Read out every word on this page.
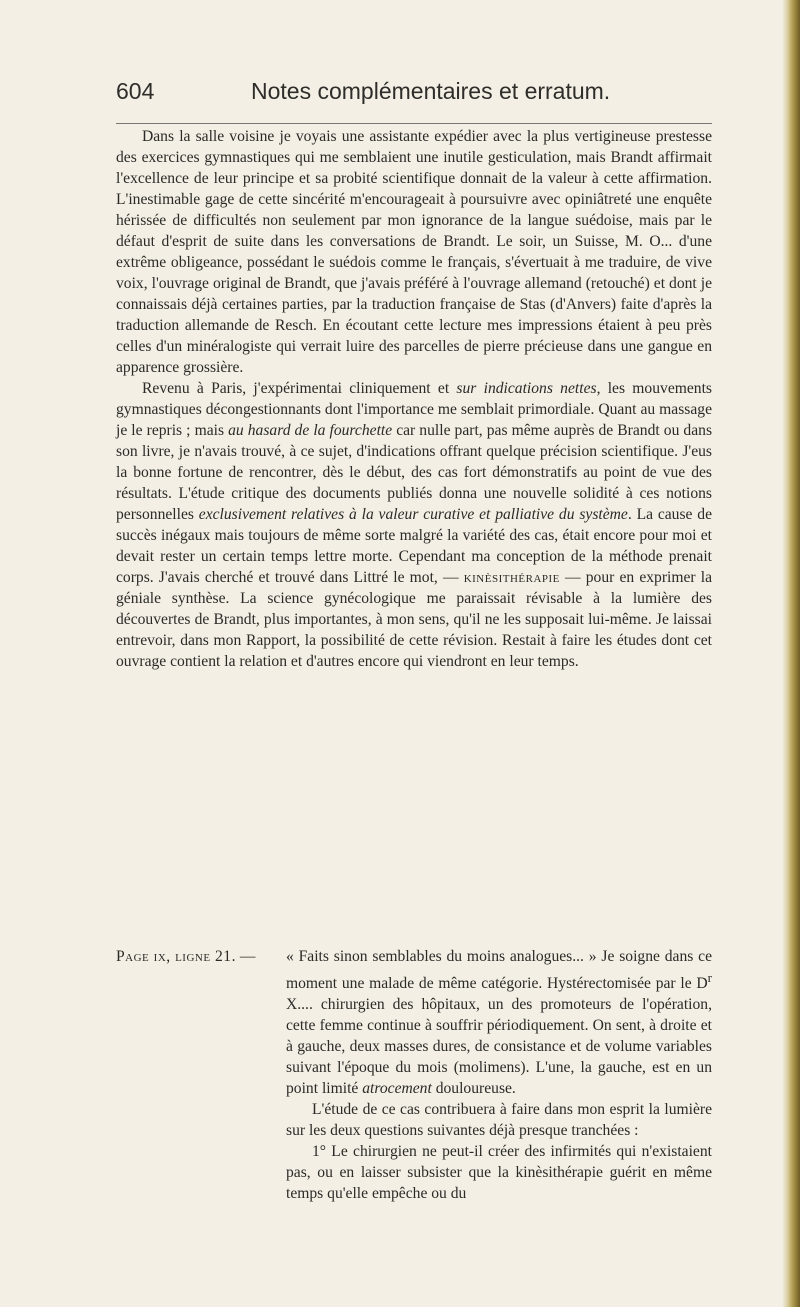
604	Notes complémentaires et erratum.

Dans la salle voisine je voyais une assistante expédier avec la plus vertigineuse prestesse des exercices gymnastiques qui me semblaient une inutile gesticulation, mais Brandt affirmait l'excellence de leur principe et sa probité scientifique donnait de la valeur à cette affirmation. L'inestimable gage de cette sincérité m'encourageait à poursuivre avec opiniâtreté une enquête hérissée de difficultés non seulement par mon ignorance de la langue suédoise, mais par le défaut d'esprit de suite dans les conversations de Brandt. Le soir, un Suisse, M. O... d'une extrême obligeance, possédant le suédois comme le français, s'évertuait à me traduire, de vive voix, l'ouvrage original de Brandt, que j'avais préféré à l'ouvrage allemand (retouché) et dont je connaissais déjà certaines parties, par la traduction française de Stas (d'Anvers) faite d'après la traduction allemande de Resch. En écoutant cette lecture mes impressions étaient à peu près celles d'un minéralogiste qui verrait luire des parcelles de pierre précieuse dans une gangue en apparence grossière.

Revenu à Paris, j'expérimentai cliniquement et sur indications nettes, les mouvements gymnastiques décongestionnants dont l'importance me semblait primordiale. Quant au massage je le repris ; mais au hasard de la fourchette car nulle part, pas même auprès de Brandt ou dans son livre, je n'avais trouvé, à ce sujet, d'indications offrant quelque précision scientifique. J'eus la bonne fortune de rencontrer, dès le début, des cas fort démonstratifs au point de vue des résultats. L'étude critique des documents publiés donna une nouvelle solidité à ces notions personnelles exclusivement relatives à la valeur curative et palliative du système. La cause de succès inégaux mais toujours de même sorte malgré la variété des cas, était encore pour moi et devait rester un certain temps lettre morte. Cependant ma conception de la méthode prenait corps. J'avais cherché et trouvé dans Littré le mot, — kinèsithérapie — pour en exprimer la géniale synthèse. La science gynécologique me paraissait révisable à la lumière des découvertes de Brandt, plus importantes, à mon sens, qu'il ne les supposait lui-même. Je laissai entrevoir, dans mon Rapport, la possibilité de cette révision. Restait à faire les études dont cet ouvrage contient la relation et d'autres encore qui viendront en leur temps.

Page ix, ligne 21. — « Faits sinon semblables du moins analogues... » Je soigne dans ce moment une malade de même catégorie. Hystérectomisée par le $D^r$ X.... chirurgien des hôpitaux, un des promoteurs de l'opération, cette femme continue à souffrir périodiquement. On sent, à droite et à gauche, deux masses dures, de consistance et de volume variables suivant l'époque du mois (molimens). L'une, la gauche, est en un point limité atrocement douloureuse.

L'étude de ce cas contribuera à faire dans mon esprit la lumière sur les deux questions suivantes déjà presque tranchées :

1° Le chirurgien ne peut-il créer des infirmités qui n'existaient pas, ou en laisser subsister que la kinèsithérapie guérit en même temps qu'elle empêche ou du
